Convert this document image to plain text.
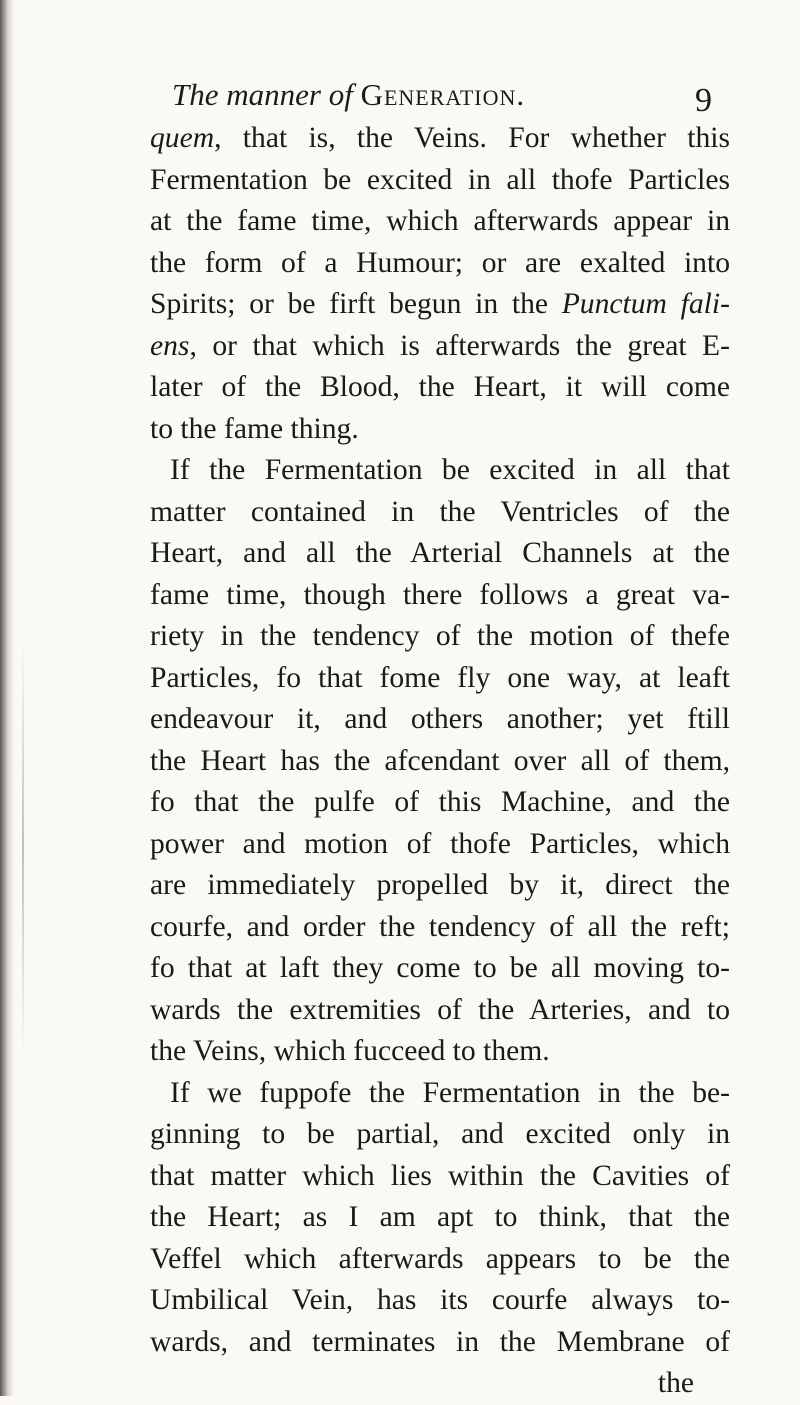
The manner of Generation.	9
quem, that is, the Veins. For whether this
Fermentation be excited in all thofe Particles
at the fame time, which afterwards appear in
the form of a Humour; or are exalted into
Spirits; or be firft begun in the Punctum fali-
ens, or that which is afterwards the great E-
later of the Blood, the Heart, it will come
to the fame thing.
If the Fermentation be excited in all that
matter contained in the Ventricles of the
Heart, and all the Arterial Channels at the
fame time, though there follows a great va-
riety in the tendency of the motion of thefe
Particles, fo that fome fly one way, at leaft
endeavour it, and others another; yet ftill
the Heart has the afcendant over all of them,
fo that the pulfe of this Machine, and the
power and motion of thofe Particles, which
are immediately propelled by it, direct the
courfe, and order the tendency of all the reft;
fo that at laft they come to be all moving to-
wards the extremities of the Arteries, and to
the Veins, which fucceed to them.
If we fuppofe the Fermentation in the be-
ginning to be partial, and excited only in
that matter which lies within the Cavities of
the Heart; as I am apt to think, that the
Veffel which afterwards appears to be the
Umbilical Vein, has its courfe always to-
wards, and terminates in the Membrane of
the
